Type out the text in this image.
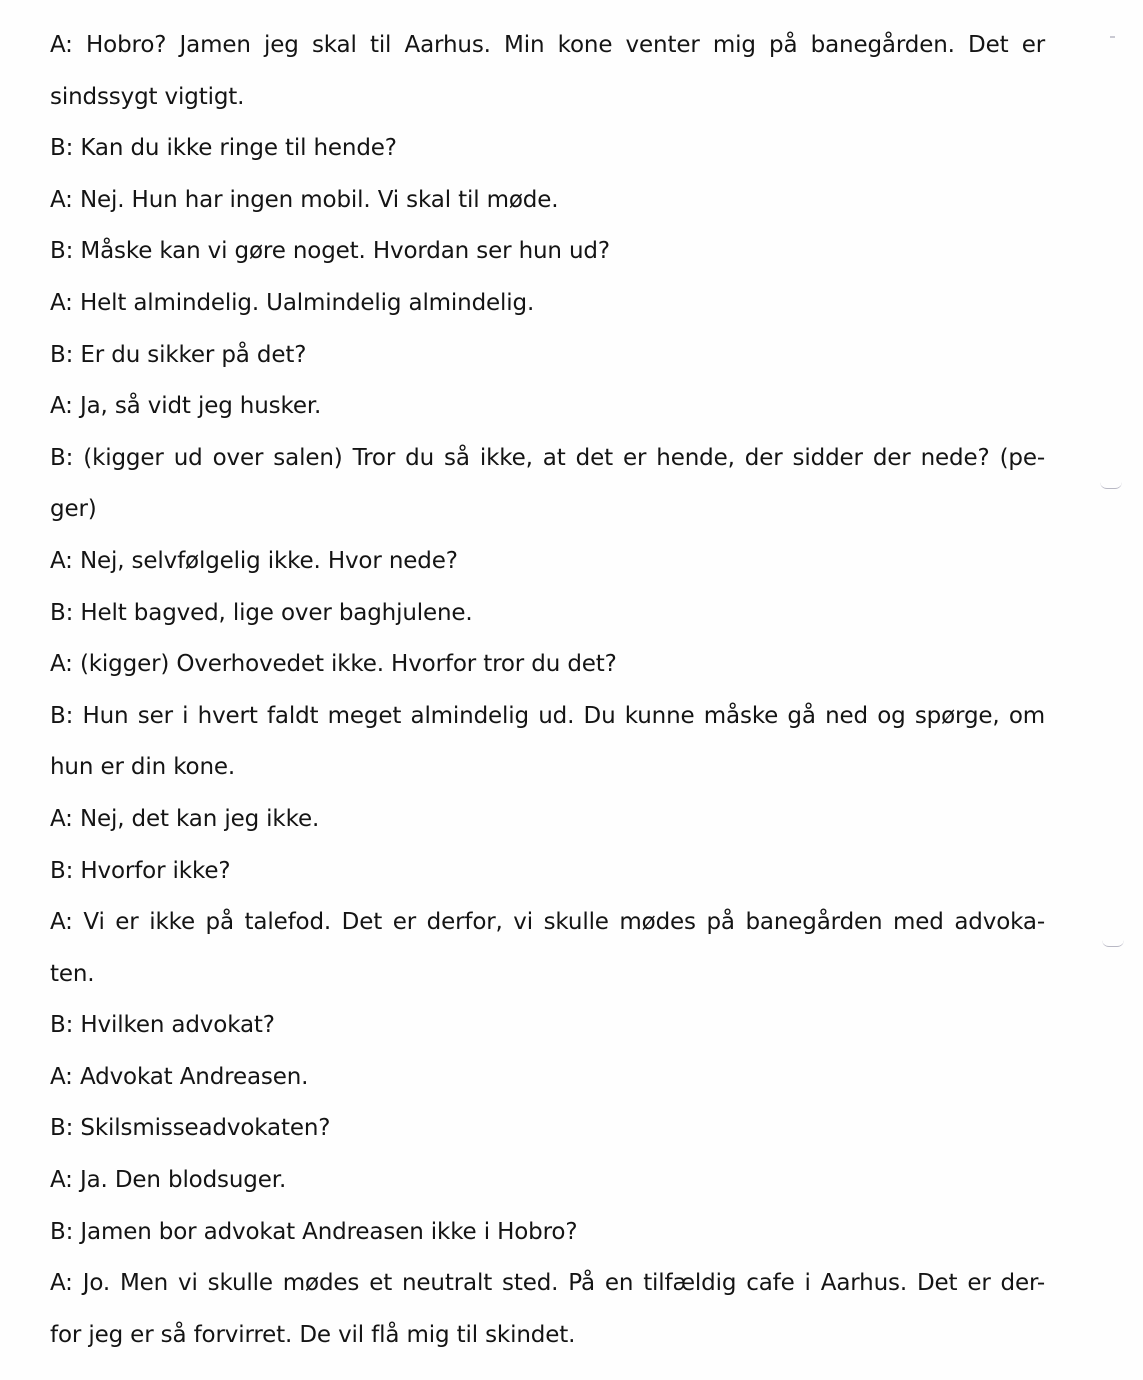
A: Hobro? Jamen jeg skal til Aarhus. Min kone venter mig på banegården. Det er
sindssygt vigtigt.
B: Kan du ikke ringe til hende?
A: Nej. Hun har ingen mobil. Vi skal til møde.
B: Måske kan vi gøre noget. Hvordan ser hun ud?
A: Helt almindelig. Ualmindelig almindelig.
B: Er du sikker på det?
A: Ja, så vidt jeg husker.
B: (kigger ud over salen) Tror du så ikke, at det er hende, der sidder der nede? (pe-
ger)
A: Nej, selvfølgelig ikke. Hvor nede?
B: Helt bagved, lige over baghjulene.
A: (kigger) Overhovedet ikke. Hvorfor tror du det?
B: Hun ser i hvert faldt meget almindelig ud. Du kunne måske gå ned og spørge, om
hun er din kone.
A: Nej, det kan jeg ikke.
B: Hvorfor ikke?
A: Vi er ikke på talefod. Det er derfor, vi skulle mødes på banegården med advoka-
ten.
B: Hvilken advokat?
A: Advokat Andreasen.
B: Skilsmisseadvokaten?
A: Ja. Den blodsuger.
B: Jamen bor advokat Andreasen ikke i Hobro?
A: Jo. Men vi skulle mødes et neutralt sted. På en tilfældig cafe i Aarhus. Det er der-
for jeg er så forvirret. De vil flå mig til skindet.
